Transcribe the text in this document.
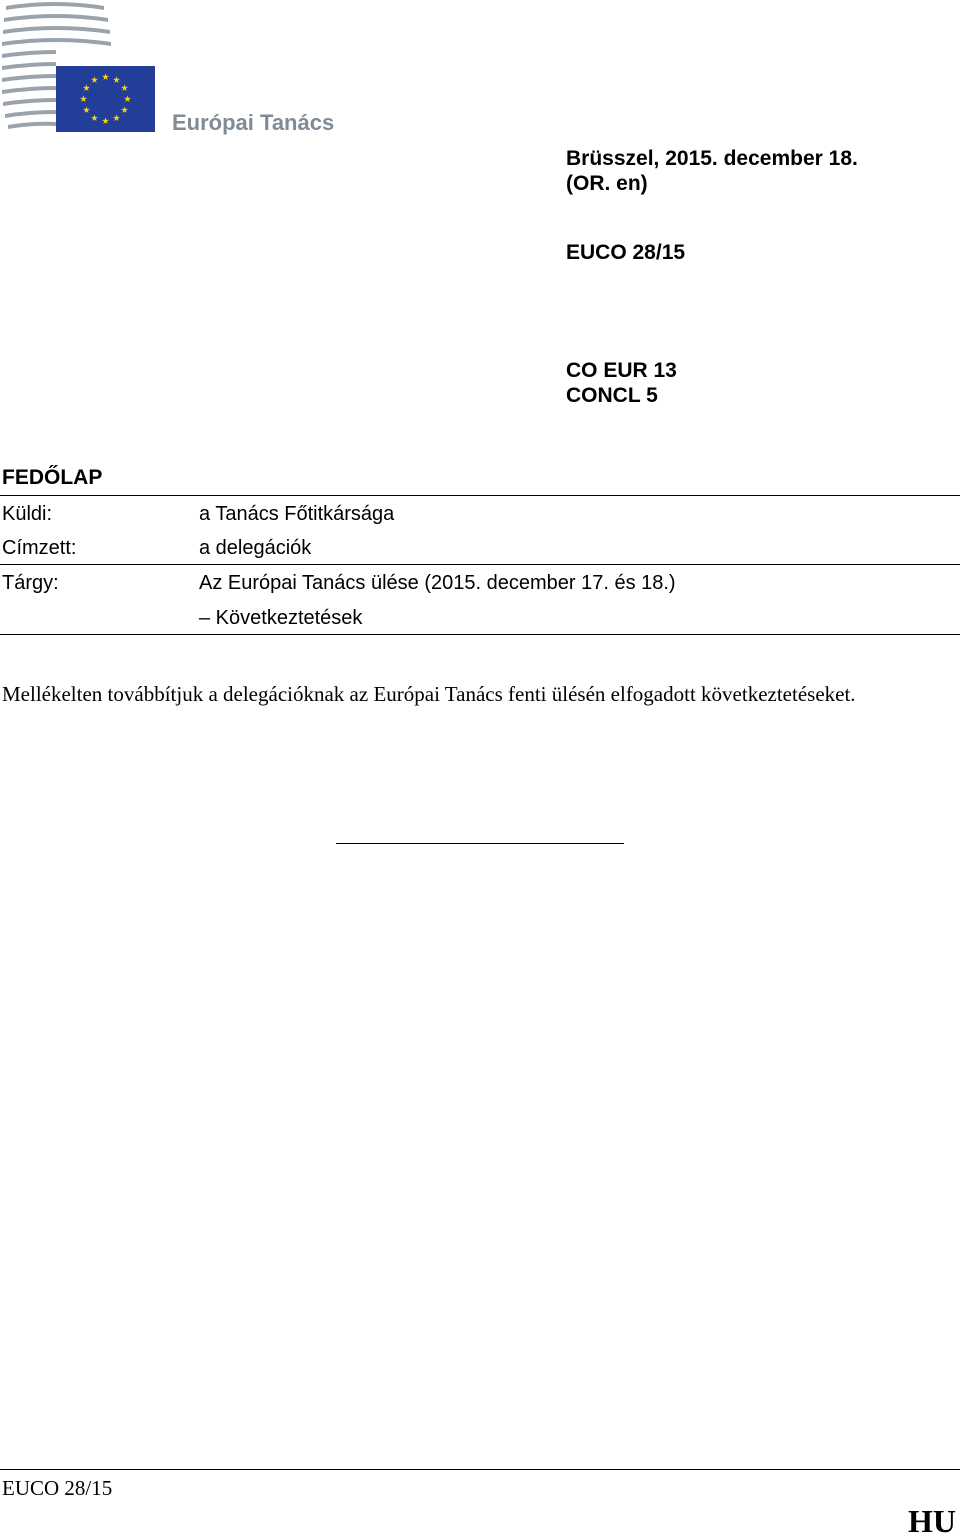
Európai Tanács
Brüsszel, 2015. december 18.
(OR. en)
EUCO 28/15
CO EUR 13
CONCL 5
FEDŐLAP
Küldi:	a Tanács Főtitkársága
Címzett:	a delegációk
Tárgy:	Az Európai Tanács ülése (2015. december 17. és 18.)
– Következtetések
Mellékelten továbbítjuk a delegációknak az Európai Tanács fenti ülésén elfogadott következtetéseket.
EUCO 28/15
HU
